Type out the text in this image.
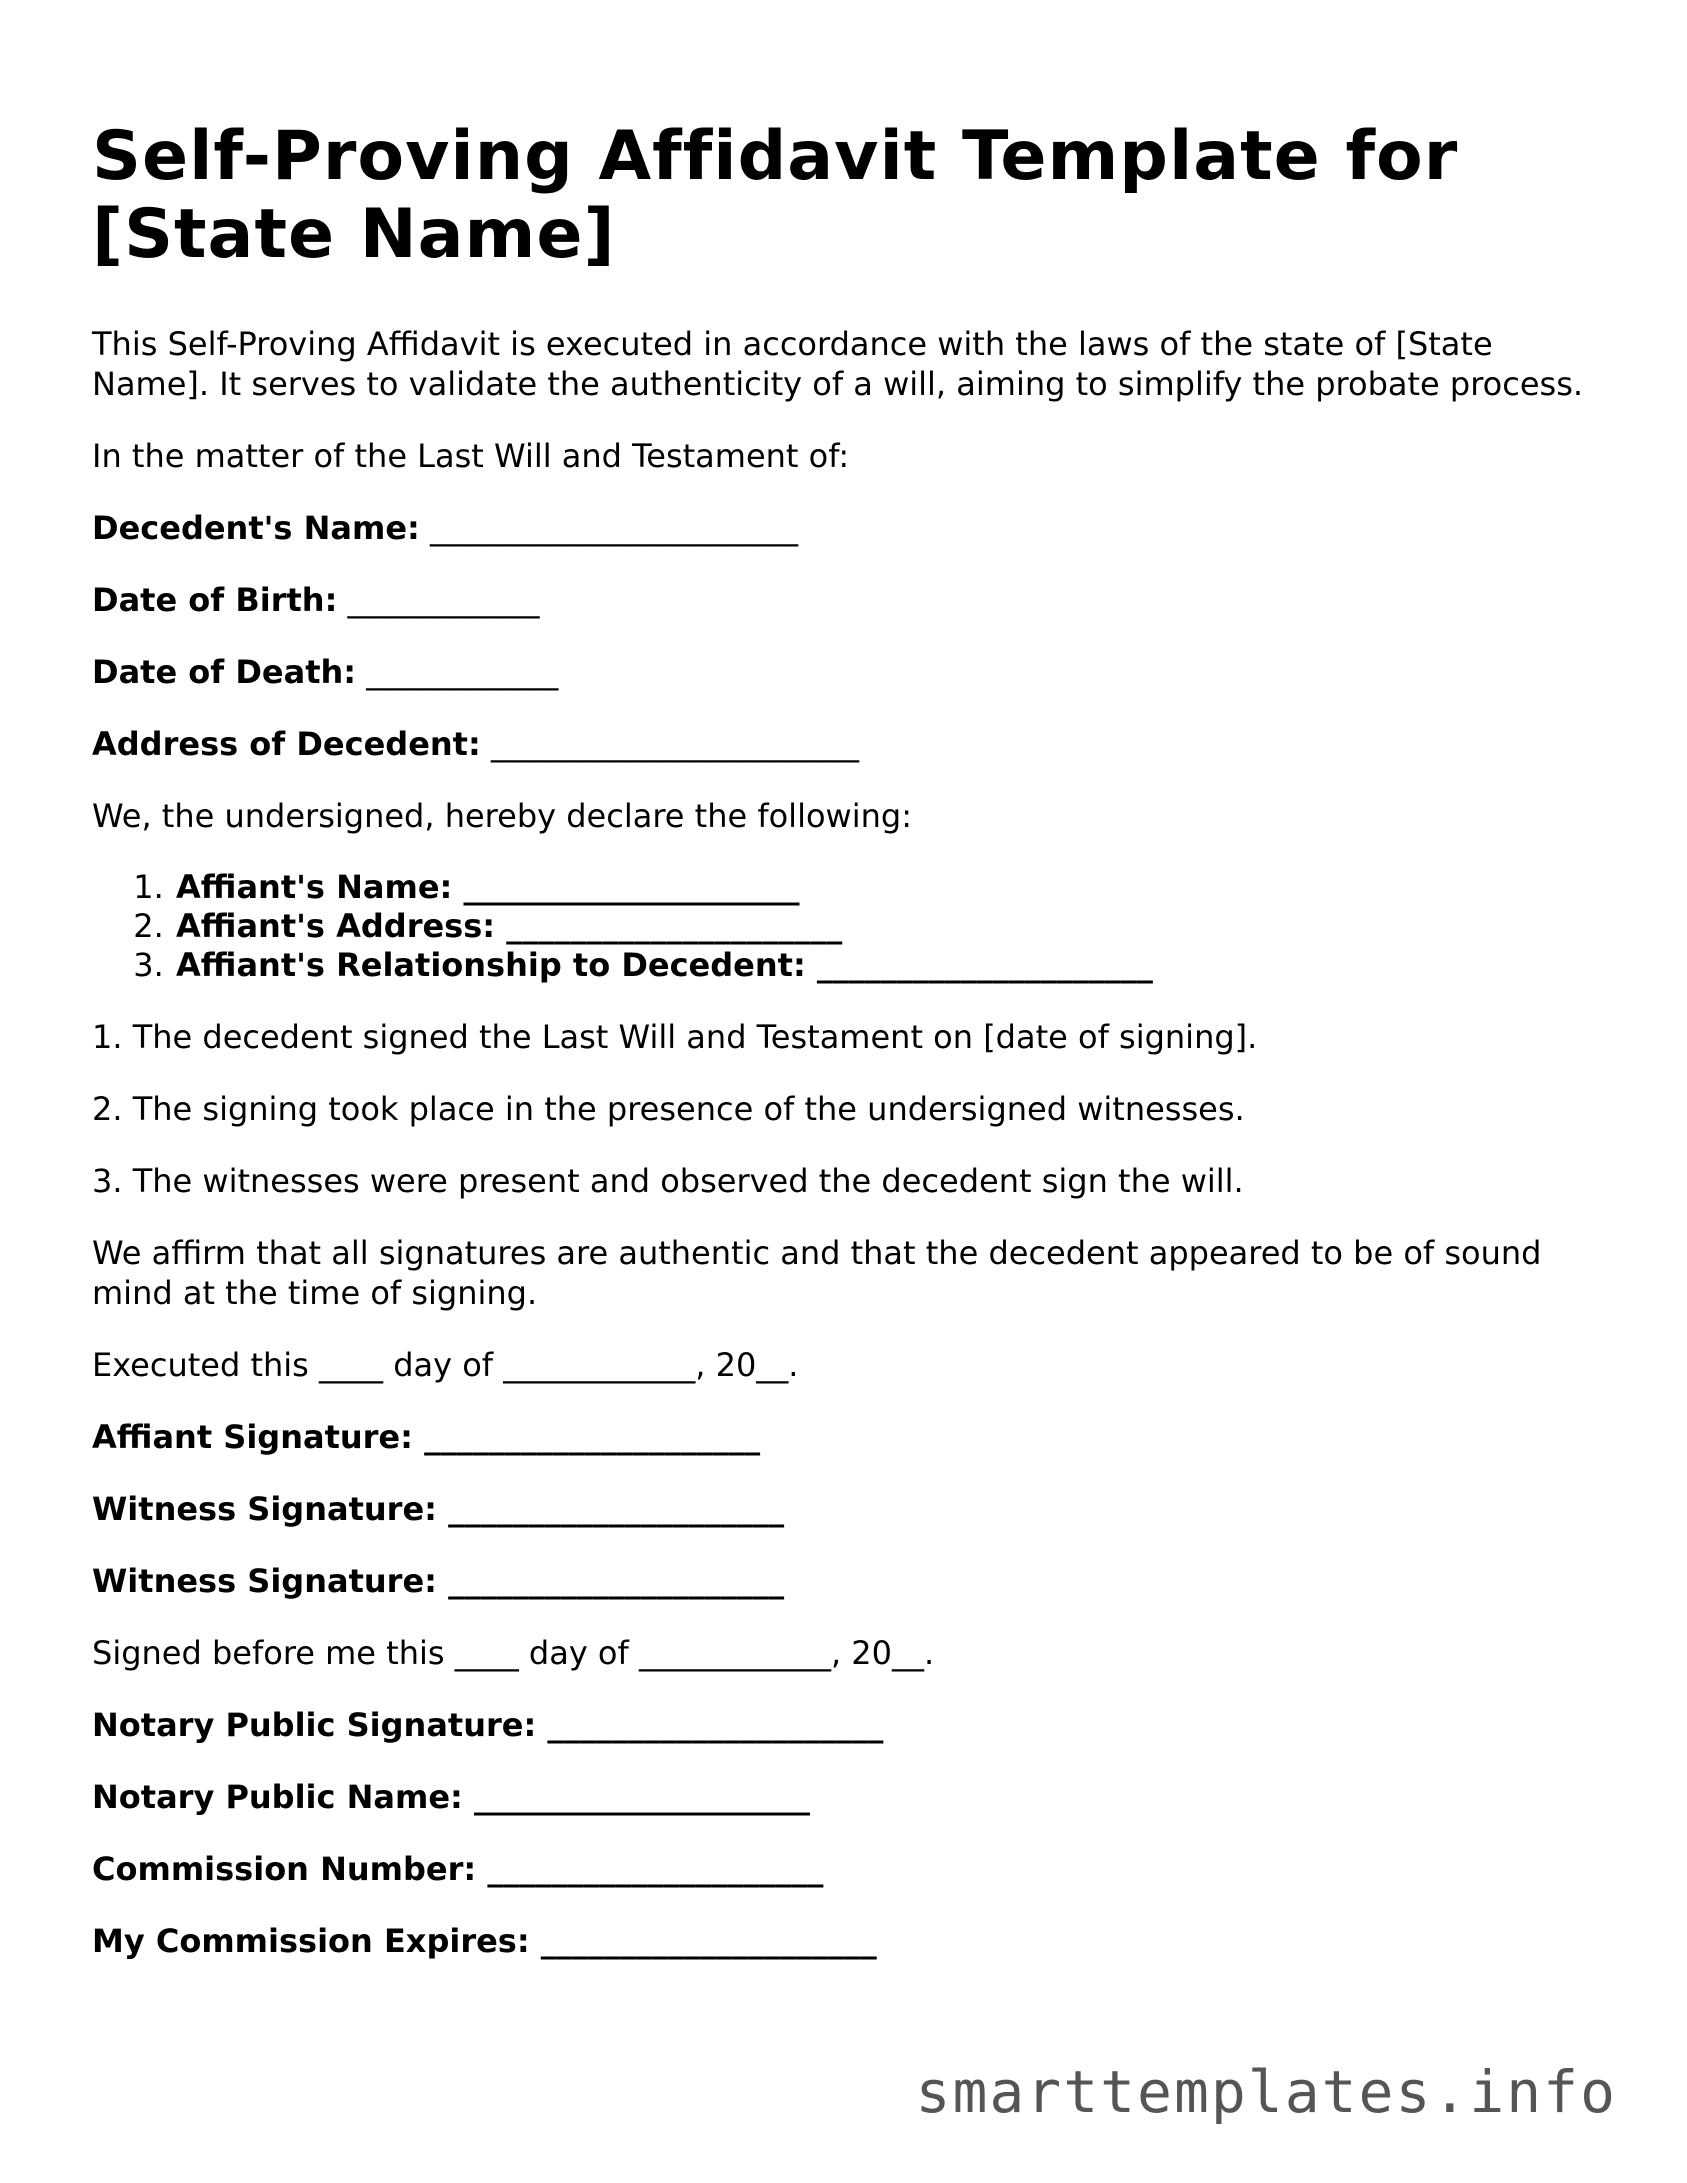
Self-Proving Affidavit Template for [State Name]

This Self-Proving Affidavit is executed in accordance with the laws of the state of [State Name]. It serves to validate the authenticity of a will, aiming to simplify the probate process.

In the matter of the Last Will and Testament of:

Decedent's Name: _______________________

Date of Birth: ____________

Date of Death: ____________

Address of Decedent: _______________________

We, the undersigned, hereby declare the following:

1. Affiant's Name: _____________________
2. Affiant's Address: _____________________
3. Affiant's Relationship to Decedent: _____________________

1. The decedent signed the Last Will and Testament on [date of signing].

2. The signing took place in the presence of the undersigned witnesses.

3. The witnesses were present and observed the decedent sign the will.

We affirm that all signatures are authentic and that the decedent appeared to be of sound mind at the time of signing.

Executed this ____ day of ____________, 20__.

Affiant Signature: _____________________

Witness Signature: _____________________

Witness Signature: _____________________

Signed before me this ____ day of ____________, 20__.

Notary Public Signature: _____________________

Notary Public Name: _____________________

Commission Number: _____________________

My Commission Expires: _____________________

smarttemplates.info
